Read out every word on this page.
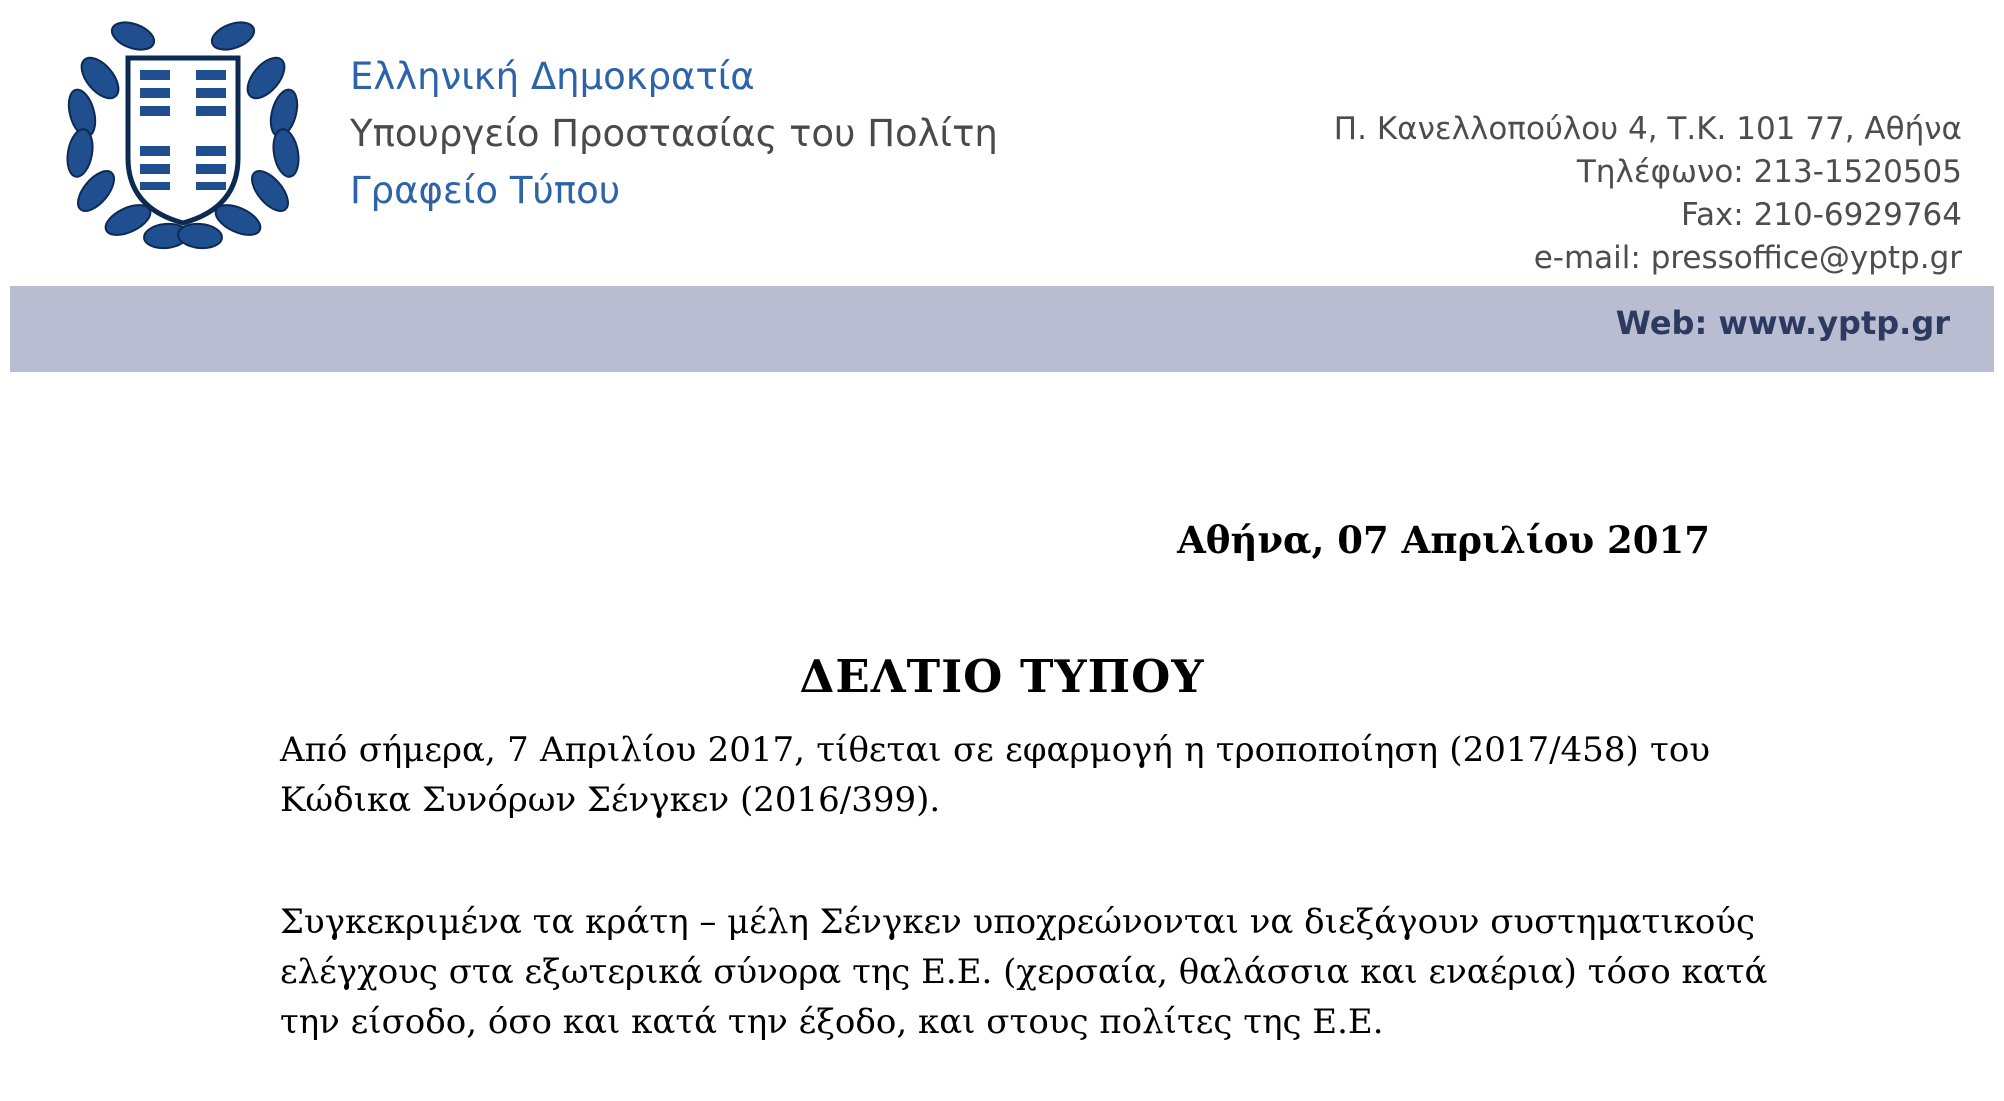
Ελληνική Δημοκρατία
Υπουργείο Προστασίας του Πολίτη
Γραφείο Τύπου
Π. Κανελλοπούλου 4, Τ.Κ. 101 77, Αθήνα
Τηλέφωνο: 213-1520505
Fax: 210-6929764
e-mail: pressoffice@yptp.gr
Web: www.yptp.gr
Αθήνα, 07 Απριλίου 2017
ΔΕΛΤΙΟ ΤΥΠΟΥ

Από σήμερα, 7 Απριλίου 2017, τίθεται σε εφαρμογή η τροποποίηση (2017/458) του
Κώδικα Συνόρων Σένγκεν (2016/399).

Συγκεκριμένα τα κράτη – μέλη Σένγκεν υποχρεώνονται να διεξάγουν συστηματικούς
ελέγχους στα εξωτερικά σύνορα της Ε.Ε. (χερσαία, θαλάσσια και εναέρια) τόσο κατά
την είσοδο, όσο και κατά την έξοδο, και στους πολίτες της Ε.Ε.
